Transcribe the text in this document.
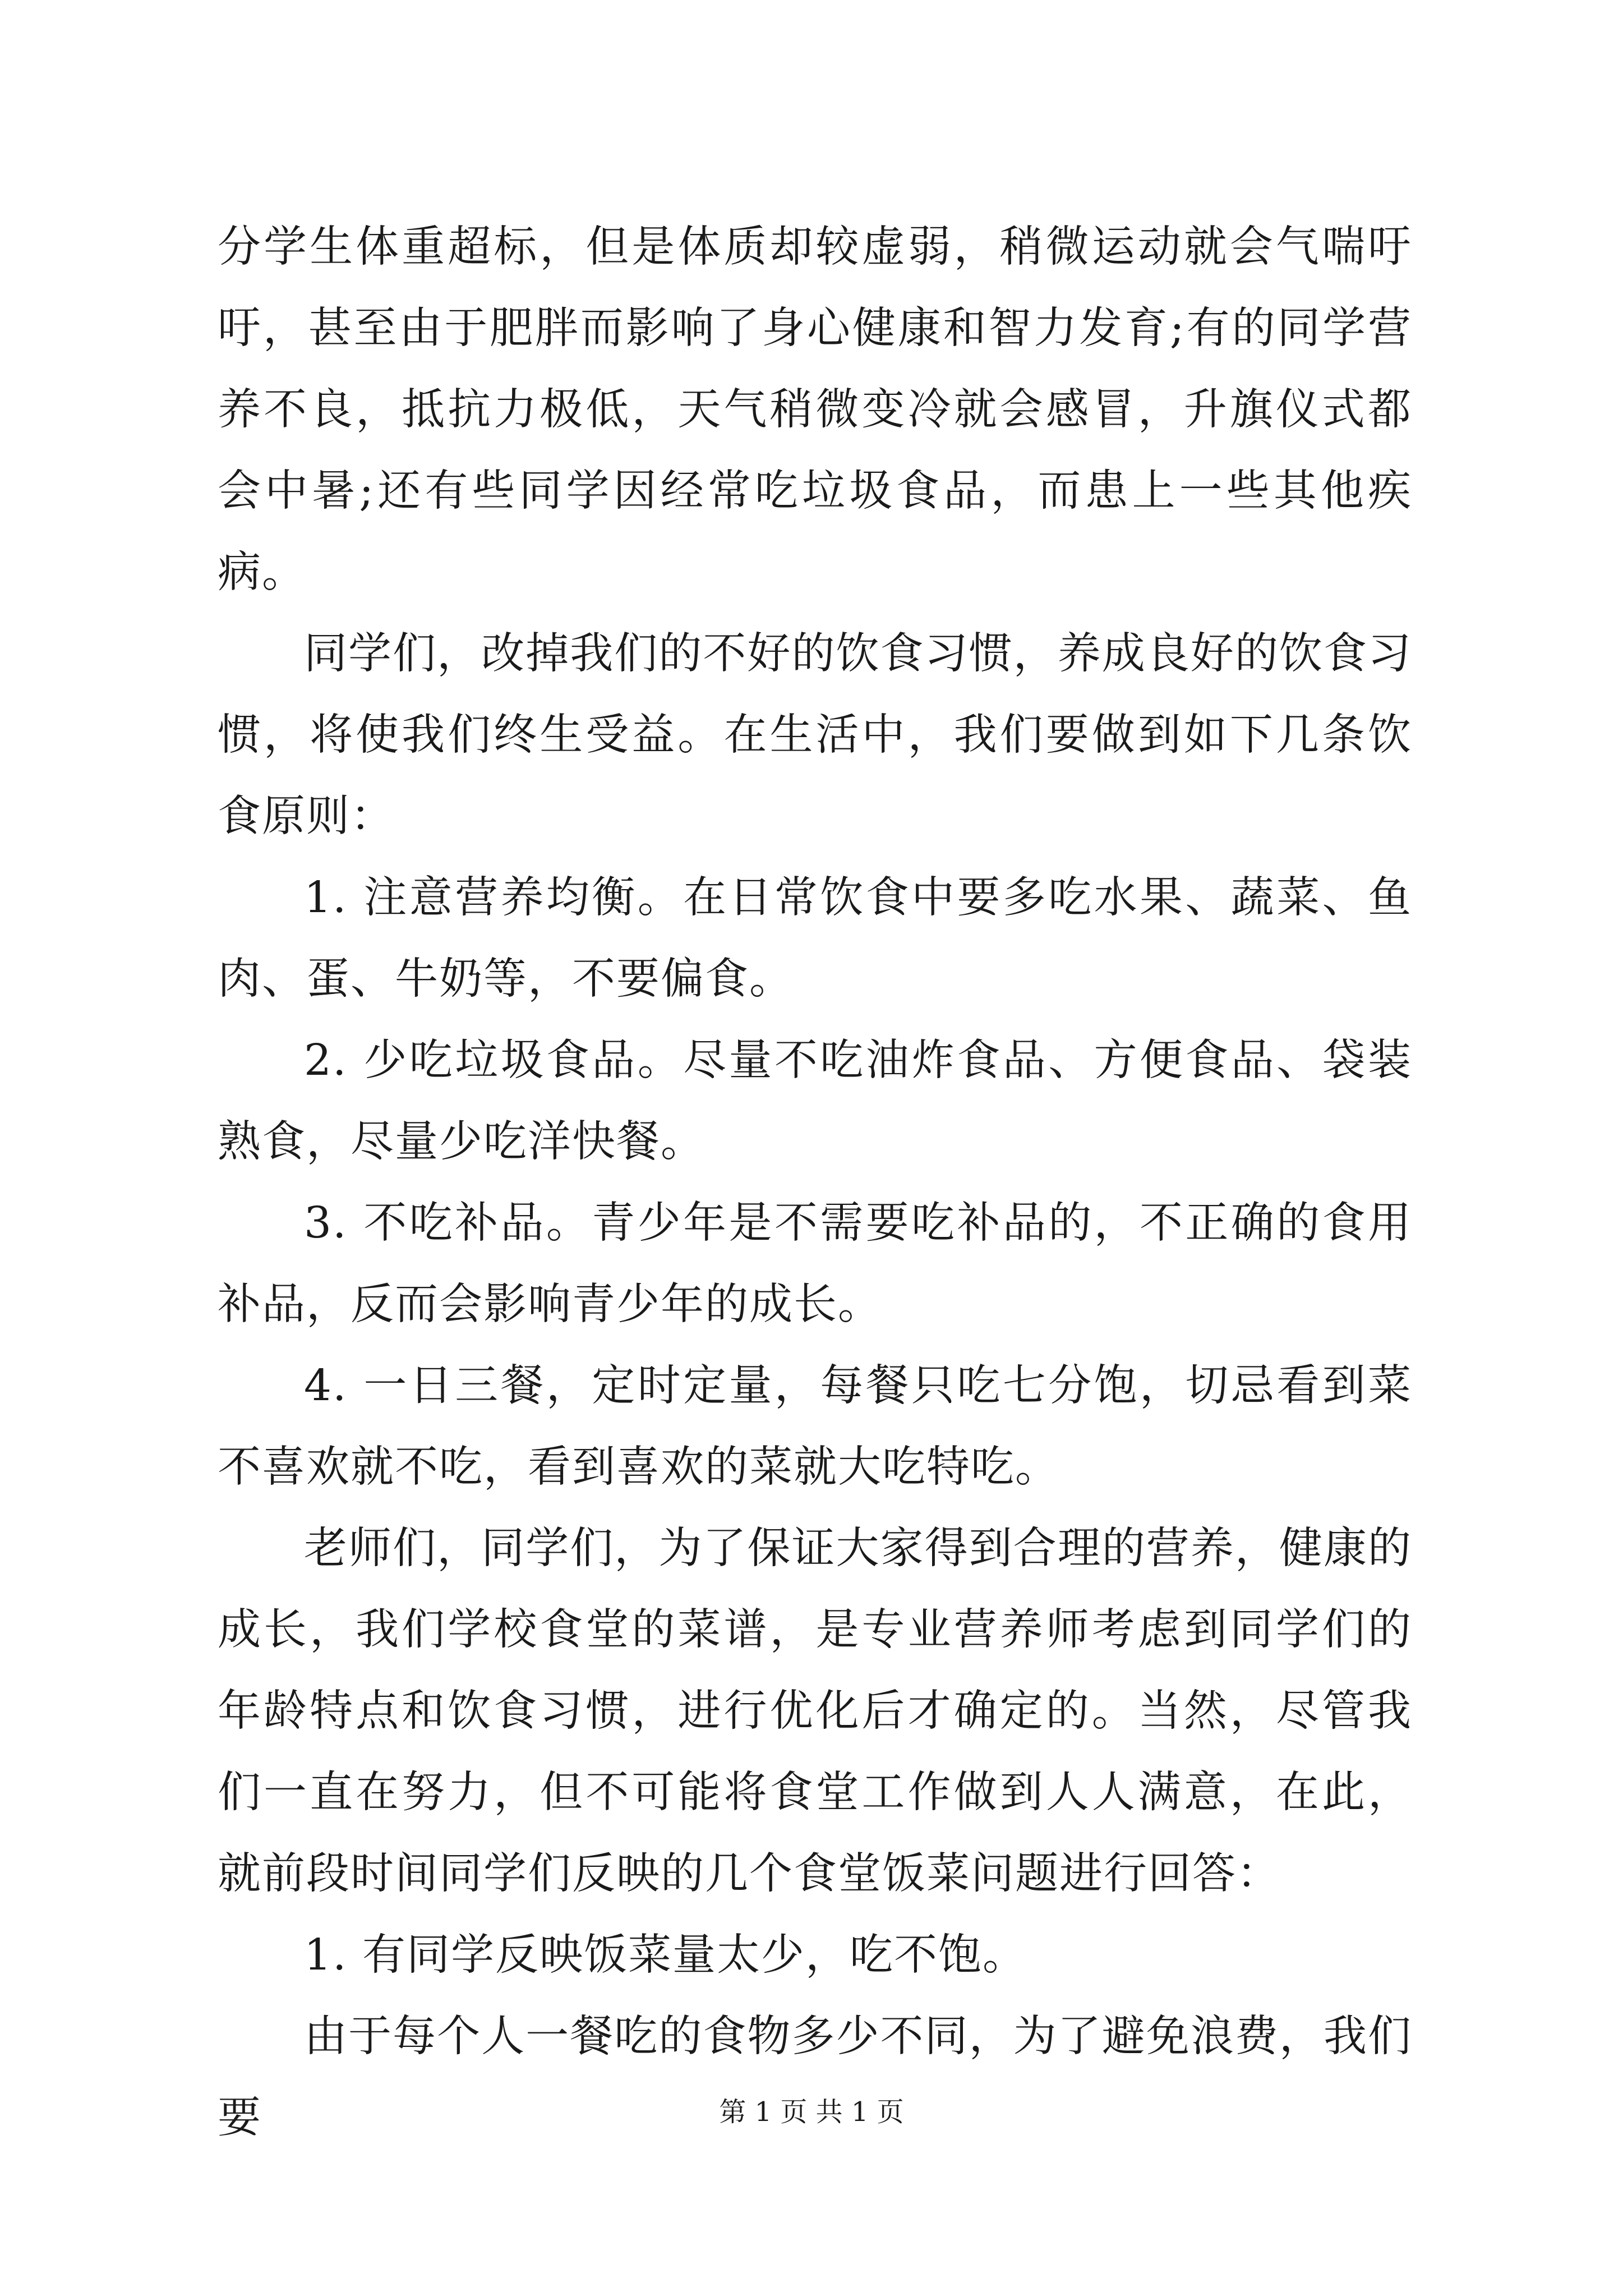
分学生体重超标，但是体质却较虚弱，稍微运动就会气喘吁吁，甚至由于肥胖而影响了身心健康和智力发育;有的同学营养不良，抵抗力极低，天气稍微变冷就会感冒，升旗仪式都会中暑;还有些同学因经常吃垃圾食品，而患上一些其他疾病。

同学们，改掉我们的不好的饮食习惯，养成良好的饮食习惯，将使我们终生受益。在生活中，我们要做到如下几条饮食原则：

1. 注意营养均衡。在日常饮食中要多吃水果、蔬菜、鱼肉、蛋、牛奶等，不要偏食。

2. 少吃垃圾食品。尽量不吃油炸食品、方便食品、袋装熟食，尽量少吃洋快餐。

3. 不吃补品。青少年是不需要吃补品的，不正确的食用补品，反而会影响青少年的成长。

4. 一日三餐，定时定量，每餐只吃七分饱，切忌看到菜不喜欢就不吃，看到喜欢的菜就大吃特吃。

老师们，同学们，为了保证大家得到合理的营养，健康的成长，我们学校食堂的菜谱，是专业营养师考虑到同学们的年龄特点和饮食习惯，进行优化后才确定的。当然，尽管我们一直在努力，但不可能将食堂工作做到人人满意，在此，就前段时间同学们反映的几个食堂饭菜问题进行回答：

1. 有同学反映饭菜量太少，吃不饱。

由于每个人一餐吃的食物多少不同，为了避免浪费，我们要	第 1 页 共 1 页
